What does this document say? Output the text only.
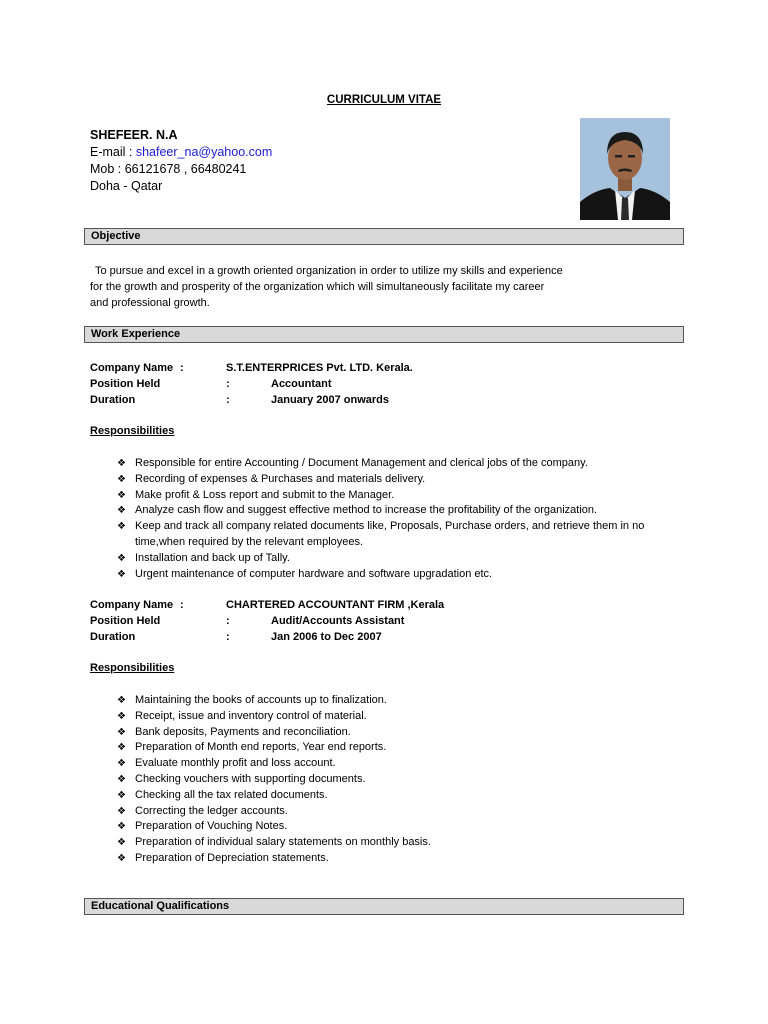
CURRICULUM VITAE
SHEFEER. N.A
E-mail : shafeer_na@yahoo.com
Mob : 66121678 , 66480241
Doha - Qatar
Objective
To pursue and excel in a growth oriented organization in order to utilize my skills and experience
for the growth and prosperity of the organization which will simultaneously facilitate my career
and professional growth.
Work Experience
Company Name :	S.T.ENTERPRICES Pvt. LTD. Kerala.
Position Held	:	Accountant
Duration	:	January 2007 onwards
Responsibilities
❖ Responsible for entire Accounting / Document Management and clerical jobs of the company.
❖ Recording of expenses & Purchases and materials delivery.
❖ Make profit & Loss report and submit to the Manager.
❖ Analyze cash flow and suggest effective method to increase the profitability of the organization.
❖ Keep and track all company related documents like, Proposals, Purchase orders, and retrieve them in no time,when required by the relevant employees.
❖ Installation and back up of Tally.
❖ Urgent maintenance of computer hardware and software upgradation etc.
Company Name :	CHARTERED ACCOUNTANT FIRM ,Kerala
Position Held	:	Audit/Accounts Assistant
Duration	:	Jan 2006 to Dec 2007
Responsibilities
❖ Maintaining the books of accounts up to finalization.
❖ Receipt, issue and inventory control of material.
❖ Bank deposits, Payments and reconciliation.
❖ Preparation of Month end reports, Year end reports.
❖ Evaluate monthly profit and loss account.
❖ Checking vouchers with supporting documents.
❖ Checking all the tax related documents.
❖ Correcting the ledger accounts.
❖ Preparation of Vouching Notes.
❖ Preparation of individual salary statements on monthly basis.
❖ Preparation of Depreciation statements.
Educational Qualifications
